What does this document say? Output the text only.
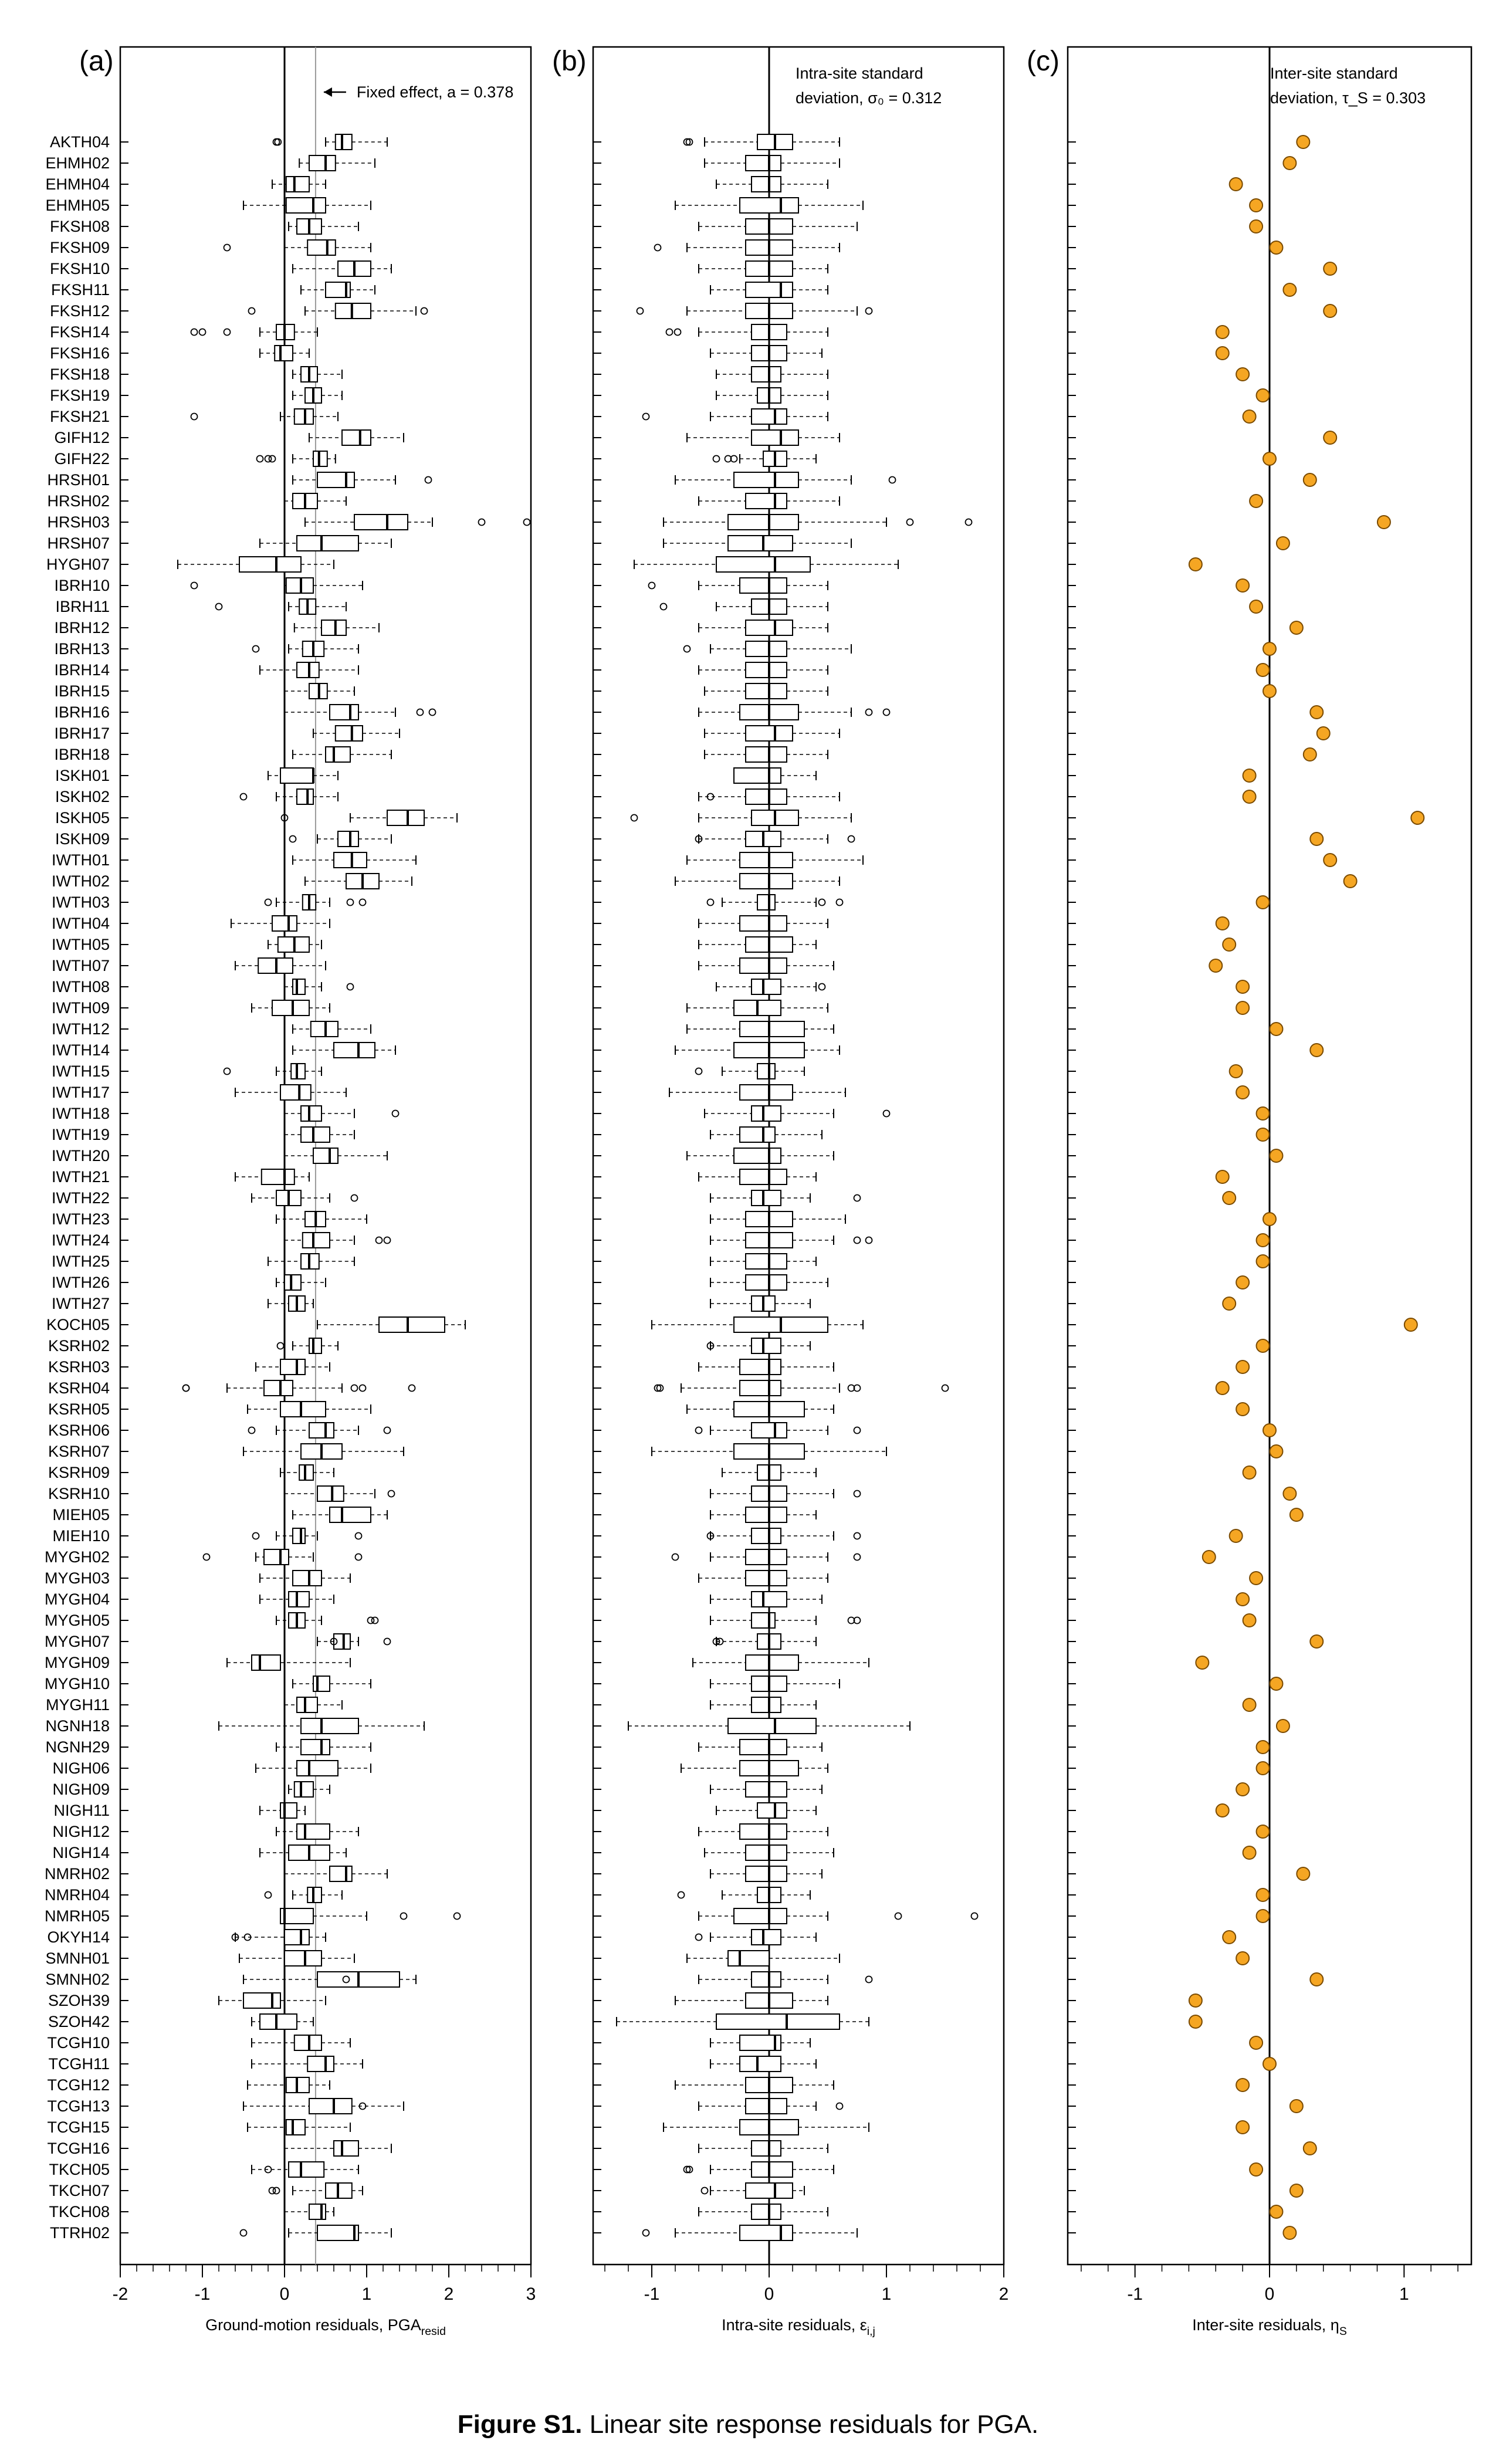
(a)
AKTH04
EHMH02
EHMH04
EHMH05
FKSH08
FKSH09
FKSH10
FKSH11
FKSH12
FKSH14
FKSH16
FKSH18
FKSH19
FKSH21
GIFH12
GIFH22
HRSH01
HRSH02
HRSH03
HRSH07
HYGH07
IBRH10
IBRH11
IBRH12
IBRH13
IBRH14
IBRH15
IBRH16
IBRH17
IBRH18
ISKH01
ISKH02
ISKH05
ISKH09
IWTH01
IWTH02
IWTH03
IWTH04
IWTH05
IWTH07
IWTH08
IWTH09
IWTH12
IWTH14
IWTH15
IWTH17
IWTH18
IWTH19
IWTH20
IWTH21
IWTH22
IWTH23
IWTH24
IWTH25
IWTH26
IWTH27
KOCH05
KSRH02
KSRH03
KSRH04
KSRH05
KSRH06
KSRH07
KSRH09
KSRH10
MIEH05
MIEH10
MYGH02
MYGH03
MYGH04
MYGH05
MYGH07
MYGH09
MYGH10
MYGH11
NGNH18
NGNH29
NIGH06
NIGH09
NIGH11
NIGH12
NIGH14
NMRH02
NMRH04
NMRH05
OKYH14
SMNH01
SMNH02
SZOH39
SZOH42
TCGH10
TCGH11
TCGH12
TCGH13
TCGH15
TCGH16
TKCH05
TKCH07
TKCH08
TTRH02
-2	-1	0	1	2	3
Ground-motion residuals, $PGA_{resid}$
Fixed effect, a = 0.378
(b)
-1	0	1	2
Intra-site residuals, $\varepsilon_{i,j}$
Intra-site standard
deviation, σ₀ = 0.312
(c)
-1	0	1
Inter-site residuals, $\eta_S$
Inter-site standard
deviation, τ_S = 0.303
Figure S1. Linear site response residuals for PGA.
